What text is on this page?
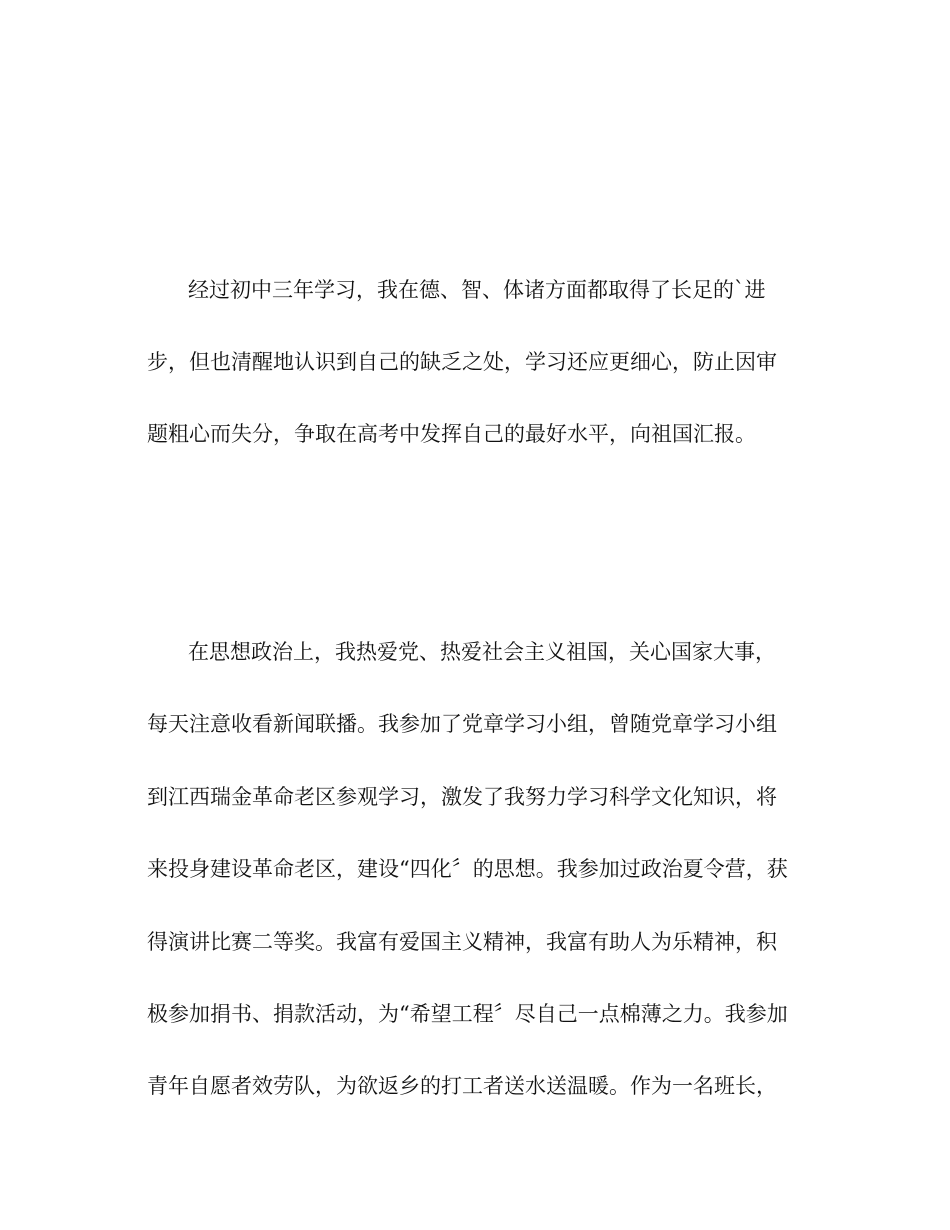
经过初中三年学习，我在德、智、体诸方面都取得了长足的`进

步，但也清醒地认识到自己的缺乏之处，学习还应更细心，防止因审

题粗心而失分，争取在高考中发挥自己的最好水平，向祖国汇报。

在思想政治上，我热爱党、热爱社会主义祖国，关心国家大事，

每天注意收看新闻联播。我参加了党章学习小组，曾随党章学习小组

到江西瑞金革命老区参观学习，激发了我努力学习科学文化知识，将

来投身建设革命老区，建设“四化〞的思想。我参加过政治夏令营，获

得演讲比赛二等奖。我富有爱国主义精神，我富有助人为乐精神，积

极参加捐书、捐款活动，为“希望工程〞尽自己一点棉薄之力。我参加

青年自愿者效劳队，为欲返乡的打工者送水送温暖。作为一名班长，
